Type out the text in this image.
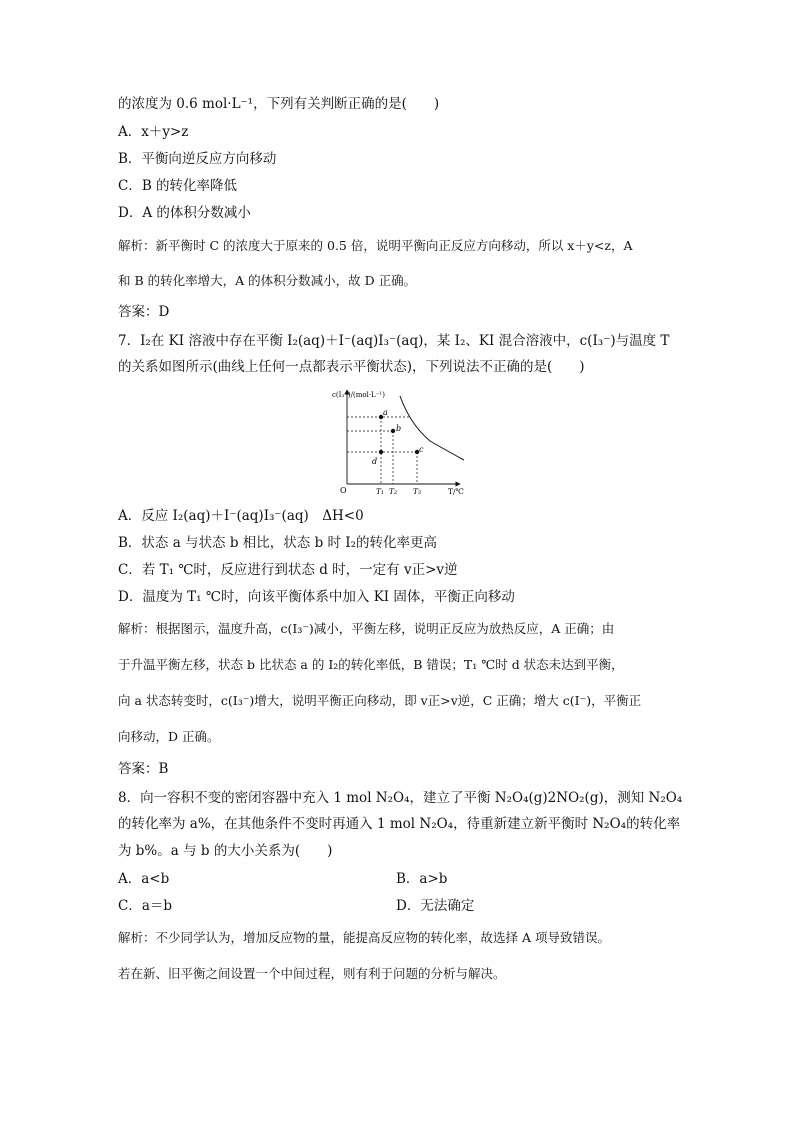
的浓度为 0.6 mol·L⁻¹，下列有关判断正确的是(　　)
A．x＋y>z
B．平衡向逆反应方向移动
C．B 的转化率降低
D．A 的体积分数减小
解析：新平衡时 C 的浓度大于原来的 0.5 倍，说明平衡向正反应方向移动，所以 x＋y<z，A
和 B 的转化率增大，A 的体积分数减小，故 D 正确。
答案：D
7．I₂在 KI 溶液中存在平衡 I₂(aq)＋I⁻(aq)I₃⁻(aq)，某 I₂、KI 混合溶液中，c(I₃⁻)与温度 T
的关系如图所示(曲线上任何一点都表示平衡状态)，下列说法不正确的是(　　)
c(I₃⁻)/(mol·L⁻¹)
T/℃
O
a
b
c
d
T₁ T₂ T₃
A．反应 I₂(aq)＋I⁻(aq)I₃⁻(aq)　ΔH<0
B．状态 a 与状态 b 相比，状态 b 时 I₂的转化率更高
C．若 T₁ ℃时，反应进行到状态 d 时，一定有 v正>v逆
D．温度为 T₁ ℃时，向该平衡体系中加入 KI 固体，平衡正向移动
解析：根据图示，温度升高，c(I₃⁻)减小，平衡左移，说明正反应为放热反应，A 正确；由
于升温平衡左移，状态 b 比状态 a 的 I₂的转化率低，B 错误；T₁ ℃时 d 状态未达到平衡，
向 a 状态转变时，c(I₃⁻)增大，说明平衡正向移动，即 v正>v逆，C 正确；增大 c(I⁻)，平衡正
向移动，D 正确。
答案：B
8．向一容积不变的密闭容器中充入 1 mol N₂O₄，建立了平衡 N₂O₄(g)2NO₂(g)，测知 N₂O₄
的转化率为 a%，在其他条件不变时再通入 1 mol N₂O₄，待重新建立新平衡时 N₂O₄的转化率
为 b%。a 与 b 的大小关系为(　　)
A．a<b	B．a>b
C．a＝b	D．无法确定
解析：不少同学认为，增加反应物的量，能提高反应物的转化率，故选择 A 项导致错误。
若在新、旧平衡之间设置一个中间过程，则有利于问题的分析与解决。
